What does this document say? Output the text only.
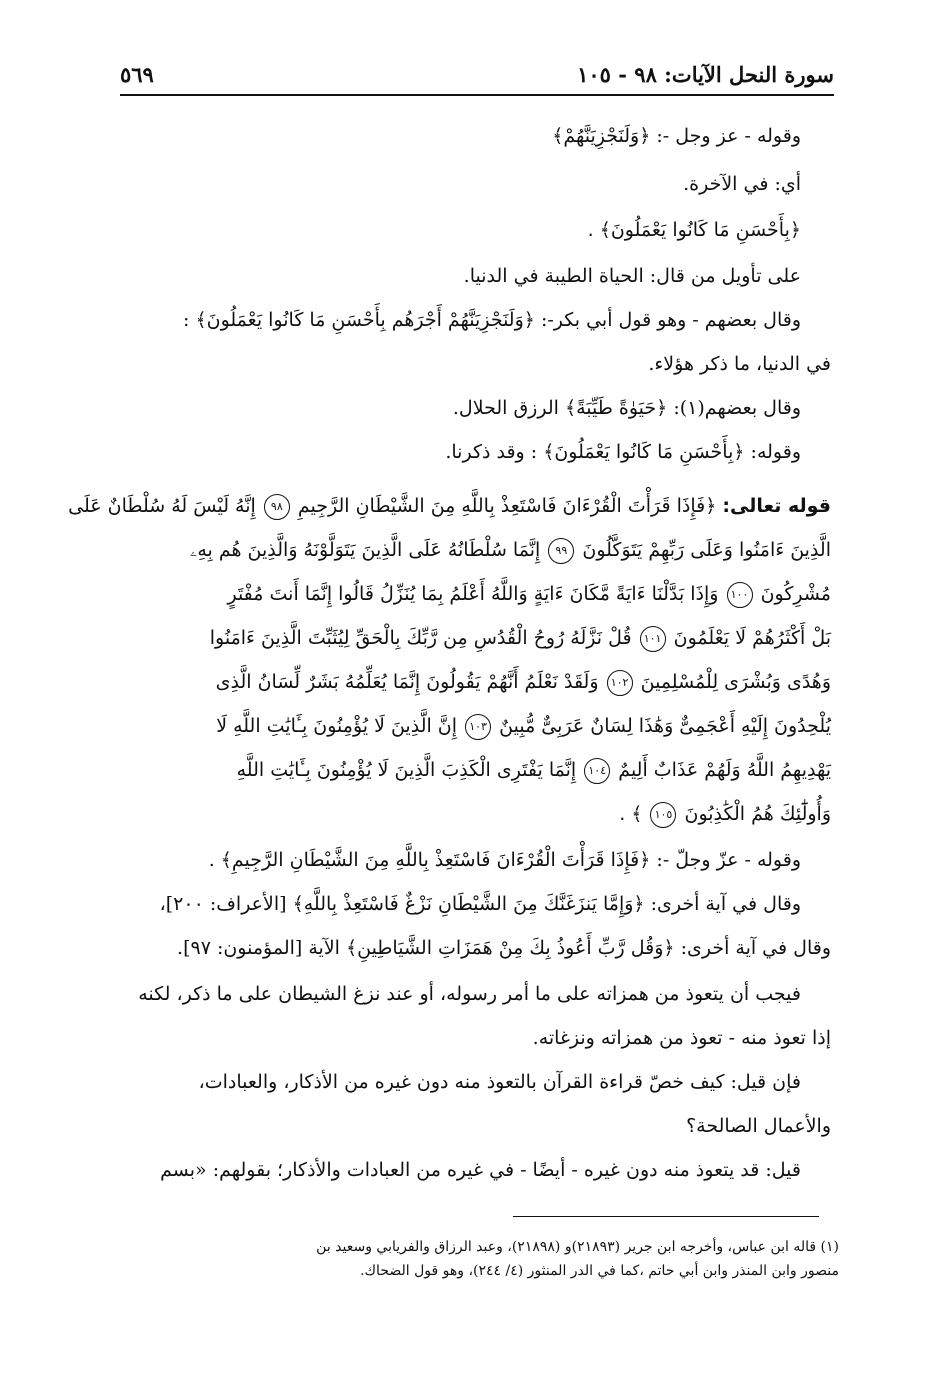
سورة النحل الآيات: ٩٨ - ١٠٥
٥٦٩
وقوله - عز وجل -: ﴿وَلَنَجْزِيَنَّهُمْ﴾
أي: في الآخرة.
﴿بِأَحْسَنِ مَا كَانُوا يَعْمَلُونَ﴾ .
على تأويل من قال: الحياة الطيبة في الدنيا.
وقال بعضهم - وهو قول أبي بكر-: ﴿وَلَنَجْزِيَنَّهُمْ أَجْرَهُم بِأَحْسَنِ مَا كَانُوا يَعْمَلُونَ﴾ :
في الدنيا، ما ذكر هؤلاء.
وقال بعضهم(١): ﴿حَيَوٰةً طَيِّبَةً﴾ الرزق الحلال.
وقوله: ﴿بِأَحْسَنِ مَا كَانُوا يَعْمَلُونَ﴾ : وقد ذكرنا.
قوله تعالى: ﴿فَإِذَا قَرَأْتَ الْقُرْءَانَ فَاسْتَعِذْ بِاللَّهِ مِنَ الشَّيْطَانِ الرَّجِيمِ ٩٨ إِنَّهُ لَيْسَ لَهُ سُلْطَانٌ عَلَى
الَّذِينَ ءَامَنُوا وَعَلَى رَبِّهِمْ يَتَوَكَّلُونَ ٩٩ إِنَّمَا سُلْطَانُهُ عَلَى الَّذِينَ يَتَوَلَّوْنَهُ وَالَّذِينَ هُم بِهِۦ
مُشْرِكُونَ ١٠٠ وَإِذَا بَدَّلْنَا ءَايَةً مَّكَانَ ءَايَةٍ وَاللَّهُ أَعْلَمُ بِمَا يُنَزِّلُ قَالُوا إِنَّمَا أَنتَ مُفْتَرٍ
بَلْ أَكْثَرُهُمْ لَا يَعْلَمُونَ ١٠١ قُلْ نَزَّلَهُ رُوحُ الْقُدُسِ مِن رَّبِّكَ بِالْحَقِّ لِيُثَبِّتَ الَّذِينَ ءَامَنُوا
وَهُدًى وَبُشْرَى لِلْمُسْلِمِينَ ١٠٢ وَلَقَدْ نَعْلَمُ أَنَّهُمْ يَقُولُونَ إِنَّمَا يُعَلِّمُهُ بَشَرٌ لِّسَانُ الَّذِى
يُلْحِدُونَ إِلَيْهِ أَعْجَمِىٌّ وَهَٰذَا لِسَانٌ عَرَبِىٌّ مُّبِينٌ ١٠٣ إِنَّ الَّذِينَ لَا يُؤْمِنُونَ بِـَٔايَٰتِ اللَّهِ لَا
يَهْدِيهِمُ اللَّهُ وَلَهُمْ عَذَابٌ أَلِيمٌ ١٠٤ إِنَّمَا يَفْتَرِى الْكَذِبَ الَّذِينَ لَا يُؤْمِنُونَ بِـَٔايَٰتِ اللَّهِ
وَأُولَٰٓئِكَ هُمُ الْكَٰذِبُونَ ١٠٥ ﴾ .
وقوله - عزّ وجلّ -: ﴿فَإِذَا قَرَأْتَ الْقُرْءَانَ فَاسْتَعِذْ بِاللَّهِ مِنَ الشَّيْطَانِ الرَّجِيمِ﴾ .
وقال في آية أخرى: ﴿وَإِمَّا يَنزَغَنَّكَ مِنَ الشَّيْطَانِ نَزْغٌ فَاسْتَعِذْ بِاللَّهِ﴾ [الأعراف: ٢٠٠]،
وقال في آية أخرى: ﴿وَقُل رَّبِّ أَعُوذُ بِكَ مِنْ هَمَزَاتِ الشَّيَاطِينِ﴾ الآية [المؤمنون: ٩٧].
فيجب أن يتعوذ من همزاته على ما أمر رسوله، أو عند نزغ الشيطان على ما ذكر، لكنه
إذا تعوذ منه - تعوذ من همزاته ونزغاته.
فإن قيل: كيف خصّ قراءة القرآن بالتعوذ منه دون غيره من الأذكار، والعبادات،
والأعمال الصالحة؟
قيل: قد يتعوذ منه دون غيره - أيضًا - في غيره من العبادات والأذكار؛ بقولهم: «بسم
(١) قاله ابن عباس، وأخرجه ابن جرير (٢١٨٩٣)و (٢١٨٩٨)، وعبد الرزاق والفريابي وسعيد بن
منصور وابن المنذر وابن أبي حاتم ،كما في الدر المنثور (٤/ ٢٤٤)، وهو قول الضحاك.
